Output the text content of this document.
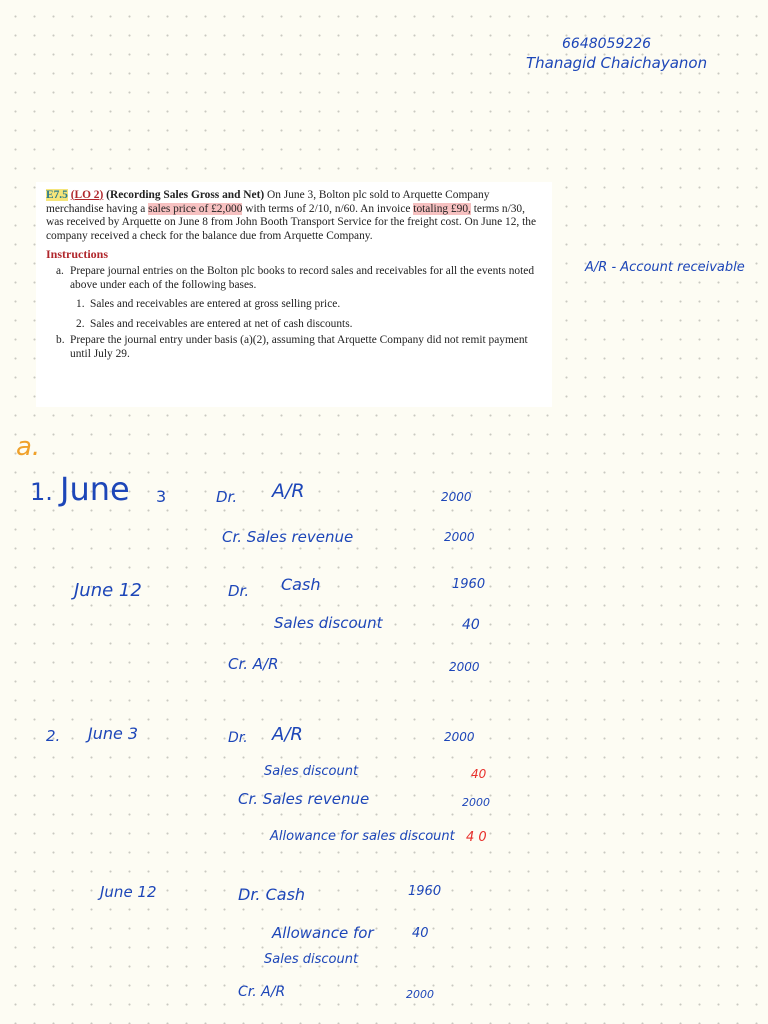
6648059226
Thanagid Chaichayanon

E7.5 (LO 2) (Recording Sales Gross and Net) On June 3, Bolton plc sold to Arquette Company merchandise having a sales price of £2,000 with terms of 2/10, n/60. An invoice totaling £90, terms n/30, was received by Arquette on June 8 from John Booth Transport Service for the freight cost. On June 12, the company received a check for the balance due from Arquette Company.

Instructions

a. Prepare journal entries on the Bolton plc books to record sales and receivables for all the events noted above under each of the following bases.

1. Sales and receivables are entered at gross selling price.

2. Sales and receivables are entered at net of cash discounts.

b. Prepare the journal entry under basis (a)(2), assuming that Arquette Company did not remit payment until July 29.

A/R - Account receivable
a.
1. June 3	Dr. A/R	2000
Cr. Sales revenue	2000
June 12	Dr. Cash	1960
Sales discount	40
Cr. A/R	2000
2. June 3	Dr. A/R	2000
Sales discount	40
Cr. Sales revenue	2000
Allowance for sales discount 4 0
June 12	Dr. Cash	1960
Allowance for	40
Sales discount
Cr. A/R	2000
